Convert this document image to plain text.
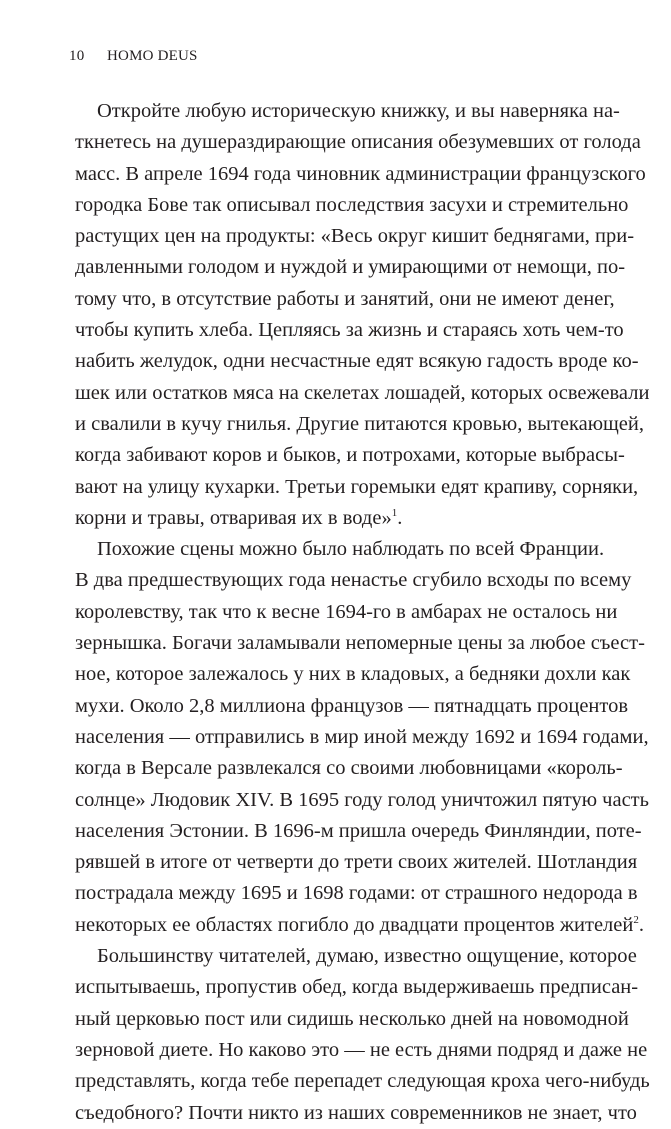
10 HOMO DEUS
Откройте любую историческую книжку, и вы наверняка на-
ткнетесь на душераздирающие описания обезумевших от голода
масс. В апреле 1694 года чиновник администрации французского
городка Бове так описывал последствия засухи и стремительно
растущих цен на продукты: «Весь округ кишит беднягами, при-
давленными голодом и нуждой и умирающими от немощи, по-
тому что, в отсутствие работы и занятий, они не имеют денег,
чтобы купить хлеба. Цепляясь за жизнь и стараясь хоть чем-то
набить желудок, одни несчастные едят всякую гадость вроде ко-
шек или остатков мяса на скелетах лошадей, которых освежевали
и свалили в кучу гнилья. Другие питаются кровью, вытекающей,
когда забивают коров и быков, и потрохами, которые выбрасы-
вают на улицу кухарки. Третьи горемыки едят крапиву, сорняки,
корни и травы, отваривая их в воде»$^1$.
Похожие сцены можно было наблюдать по всей Франции.
В два предшествующих года ненастье сгубило всходы по всему
королевству, так что к весне 1694-го в амбарах не осталось ни
зернышка. Богачи заламывали непомерные цены за любое съест-
ное, которое залежалось у них в кладовых, а бедняки дохли как
мухи. Около 2,8 миллиона французов — пятнадцать процентов
населения — отправились в мир иной между 1692 и 1694 годами,
когда в Версале развлекался со своими любовницами «король-
солнце» Людовик XIV. В 1695 году голод уничтожил пятую часть
населения Эстонии. В 1696-м пришла очередь Финляндии, поте-
рявшей в итоге от четверти до трети своих жителей. Шотландия
пострадала между 1695 и 1698 годами: от страшного недорода в
некоторых ее областях погибло до двадцати процентов жителей$^2$.
Большинству читателей, думаю, известно ощущение, которое
испытываешь, пропустив обед, когда выдерживаешь предписан-
ный церковью пост или сидишь несколько дней на новомодной
зерновой диете. Но каково это — не есть днями подряд и даже не
представлять, когда тебе перепадет следующая кроха чего-нибудь
съедобного? Почти никто из наших современников не знает, что
